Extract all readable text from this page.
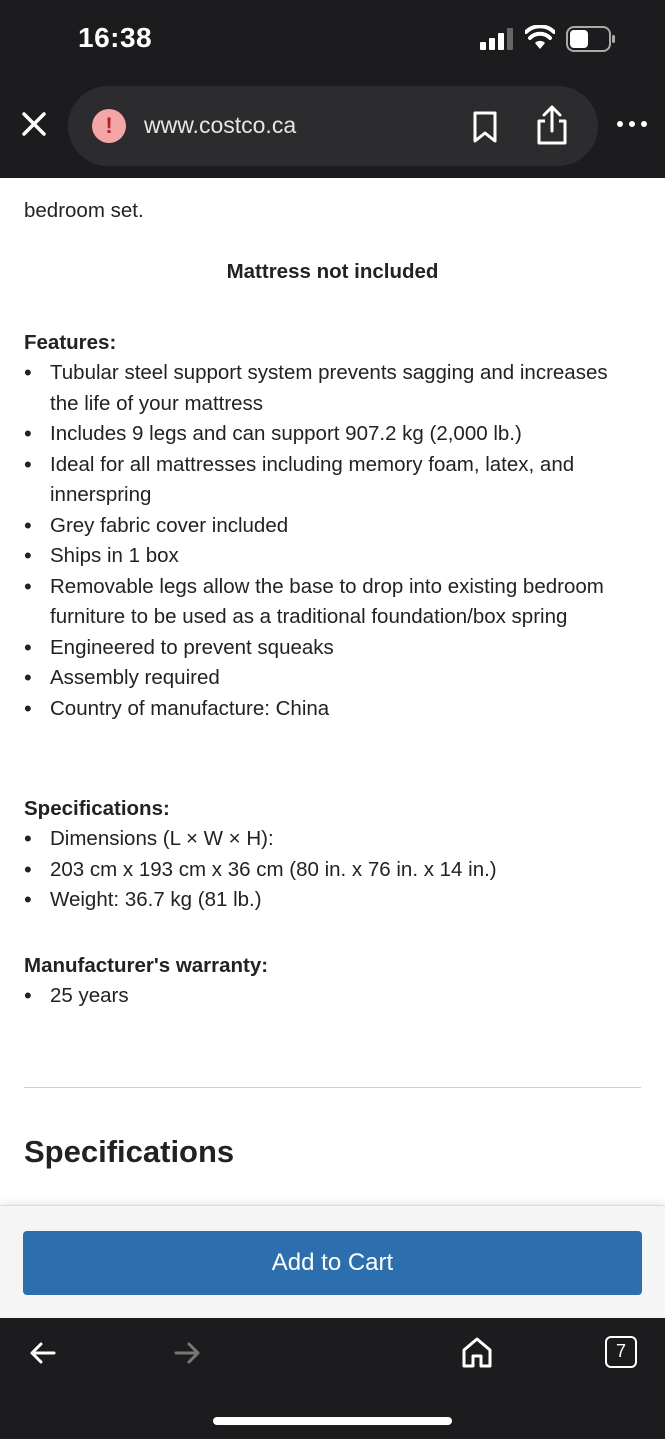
16:38
!	www.costco.ca
bedroom set.
Mattress not included
Features:
• Tubular steel support system prevents sagging and increases the life of your mattress
• Includes 9 legs and can support 907.2 kg (2,000 lb.)
• Ideal for all mattresses including memory foam, latex, and innerspring
• Grey fabric cover included
• Ships in 1 box
• Removable legs allow the base to drop into existing bedroom furniture to be used as a traditional foundation/box spring
• Engineered to prevent squeaks
• Assembly required
• Country of manufacture: China
Specifications:
• Dimensions (L × W × H):
• 203 cm x 193 cm x 36 cm (80 in. x 76 in. x 14 in.)
• Weight: 36.7 kg (81 lb.)
Manufacturer's warranty:
• 25 years
Specifications
Add to Cart
7
